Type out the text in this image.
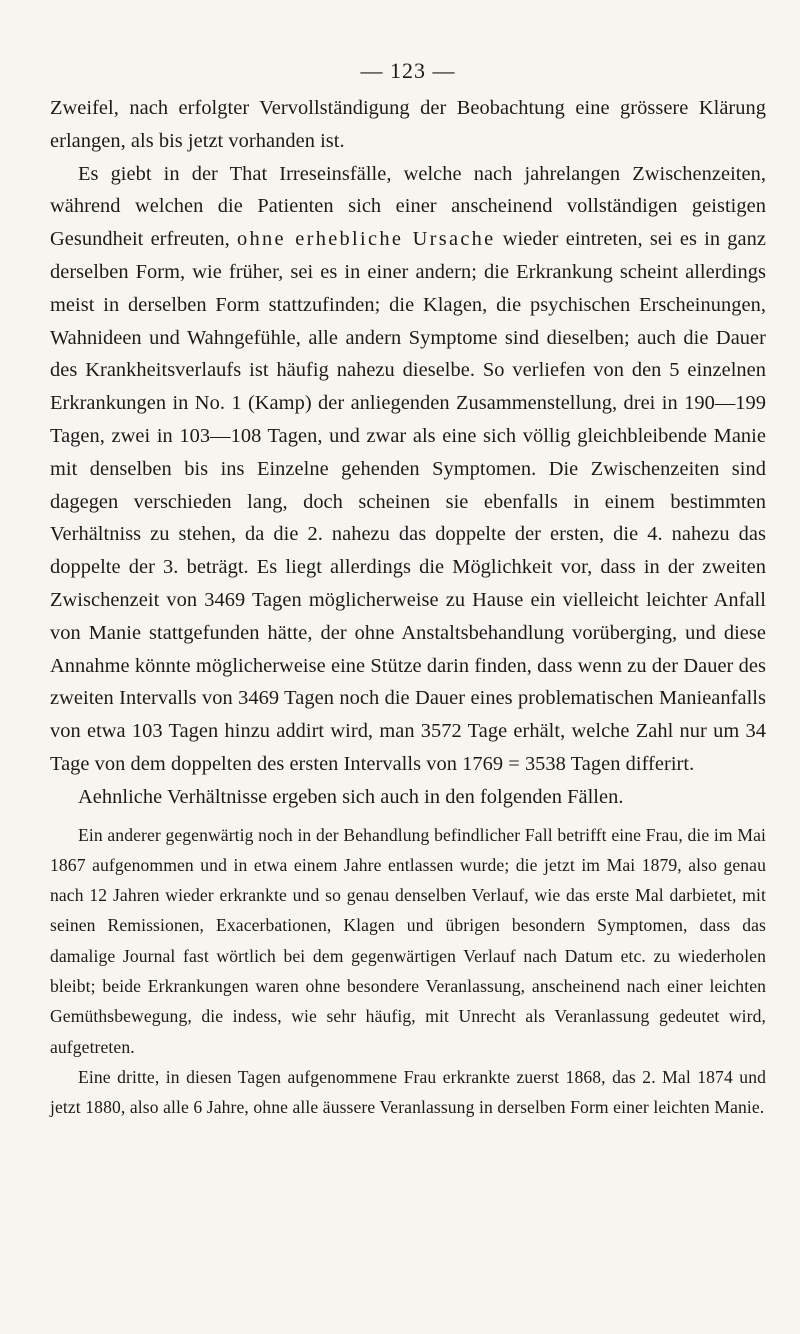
— 123 —

Zweifel, nach erfolgter Vervollständigung der Beobachtung eine grössere Klärung erlangen, als bis jetzt vorhanden ist.

Es giebt in der That Irreseinsfälle, welche nach jahrelangen Zwischenzeiten, während welchen die Patienten sich einer anscheinend vollständigen geistigen Gesundheit erfreuten, ohne erhebliche Ursache wieder eintreten, sei es in ganz derselben Form, wie früher, sei es in einer andern; die Erkrankung scheint allerdings meist in derselben Form stattzufinden; die Klagen, die psychischen Erscheinungen, Wahnideen und Wahngefühle, alle andern Symptome sind dieselben; auch die Dauer des Krankheitsverlaufs ist häufig nahezu dieselbe. So verliefen von den 5 einzelnen Erkrankungen in No. 1 (Kamp) der anliegenden Zusammenstellung, drei in 190—199 Tagen, zwei in 103—108 Tagen, und zwar als eine sich völlig gleichbleibende Manie mit denselben bis ins Einzelne gehenden Symptomen. Die Zwischenzeiten sind dagegen verschieden lang, doch scheinen sie ebenfalls in einem bestimmten Verhältniss zu stehen, da die 2. nahezu das doppelte der ersten, die 4. nahezu das doppelte der 3. beträgt. Es liegt allerdings die Möglichkeit vor, dass in der zweiten Zwischenzeit von 3469 Tagen möglicherweise zu Hause ein vielleicht leichter Anfall von Manie stattgefunden hätte, der ohne Anstaltsbehandlung vorüberging, und diese Annahme könnte möglicherweise eine Stütze darin finden, dass wenn zu der Dauer des zweiten Intervalls von 3469 Tagen noch die Dauer eines problematischen Manieanfalls von etwa 103 Tagen hinzu addirt wird, man 3572 Tage erhält, welche Zahl nur um 34 Tage von dem doppelten des ersten Intervalls von 1769 = 3538 Tagen differirt.

Aehnliche Verhältnisse ergeben sich auch in den folgenden Fällen.

Ein anderer gegenwärtig noch in der Behandlung befindlicher Fall betrifft eine Frau, die im Mai 1867 aufgenommen und in etwa einem Jahre entlassen wurde; die jetzt im Mai 1879, also genau nach 12 Jahren wieder erkrankte und so genau denselben Verlauf, wie das erste Mal darbietet, mit seinen Remissionen, Exacerbationen, Klagen und übrigen besondern Symptomen, dass das damalige Journal fast wörtlich bei dem gegenwärtigen Verlauf nach Datum etc. zu wiederholen bleibt; beide Erkrankungen waren ohne besondere Veranlassung, anscheinend nach einer leichten Gemüthsbewegung, die indess, wie sehr häufig, mit Unrecht als Veranlassung gedeutet wird, aufgetreten.

Eine dritte, in diesen Tagen aufgenommene Frau erkrankte zuerst 1868, das 2. Mal 1874 und jetzt 1880, also alle 6 Jahre, ohne alle äussere Veranlassung in derselben Form einer leichten Manie.
